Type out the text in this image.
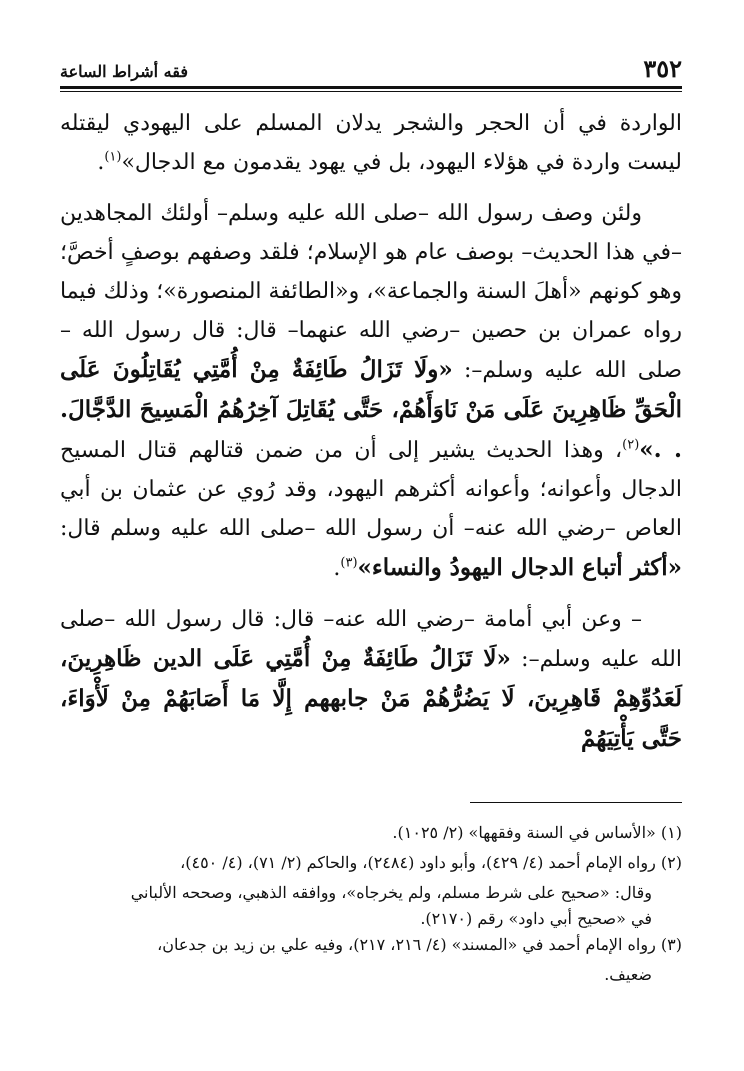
٣٥٢
فقه أشراط الساعة

الواردة في أن الحجر والشجر يدلان المسلم على اليهودي ليقتله ليست واردة في هؤلاء اليهود، بل في يهود يقدمون مع الدجال»$^{(١)}$.

ولئن وصف رسول الله –صلى الله عليه وسلم– أولئك المجاهدين –في هذا الحديث– بوصف عام هو الإسلام؛ فلقد وصفهم بوصفٍ أخصَّ؛ وهو كونهم «أهلَ السنة والجماعة»، و«الطائفة المنصورة»؛ وذلك فيما رواه عمران بن حصين –رضي الله عنهما– قال: قال رسول الله –صلى الله عليه وسلم–: «ولَا تَزَالُ طَائِفَةٌ مِنْ أُمَّتِي يُقَاتِلُونَ عَلَى الْحَقِّ ظَاهِرِينَ عَلَى مَنْ نَاوَأَهُمْ، حَتَّى يُقَاتِلَ آخِرُهُمُ الْمَسِيحَ الدَّجَّالَ. . .»$^{(٢)}$، وهذا الحديث يشير إلى أن من ضمن قتالهم قتال المسيح الدجال وأعوانه؛ وأعوانه أكثرهم اليهود، وقد رُوي عن عثمان بن أبي العاص –رضي الله عنه– أن رسول الله –صلى الله عليه وسلم قال: «أكثر أتباع الدجال اليهودُ والنساء»$^{(٣)}$.

– وعن أبي أمامة –رضي الله عنه– قال: قال رسول الله –صلى الله عليه وسلم–: «لَا تَزَالُ طَائِفَةٌ مِنْ أُمَّتِي عَلَى الدين ظَاهِرِينَ، لَعَدُوِّهِمْ قَاهِرِينَ، لَا يَضُرُّهُمْ مَنْ جابههم إِلَّا مَا أَصَابَهُمْ مِنْ لَأْوَاءَ، حَتَّى يَأْتِيَهُمْ

(١) «الأساس في السنة وفقهها» (٢/ ١٠٢٥).

(٢) رواه الإمام أحمد (٤/ ٤٢٩)، وأبو داود (٢٤٨٤)، والحاكم (٢/ ٧١)، (٤/ ٤٥٠)،

وقال: «صحيح على شرط مسلم، ولم يخرجاه»، ووافقه الذهبي، وصححه الألباني

في «صحيح أبي داود» رقم (٢١٧٠).

(٣) رواه الإمام أحمد في «المسند» (٤/ ٢١٦، ٢١٧)، وفيه علي بن زيد بن جدعان،

ضعيف.
